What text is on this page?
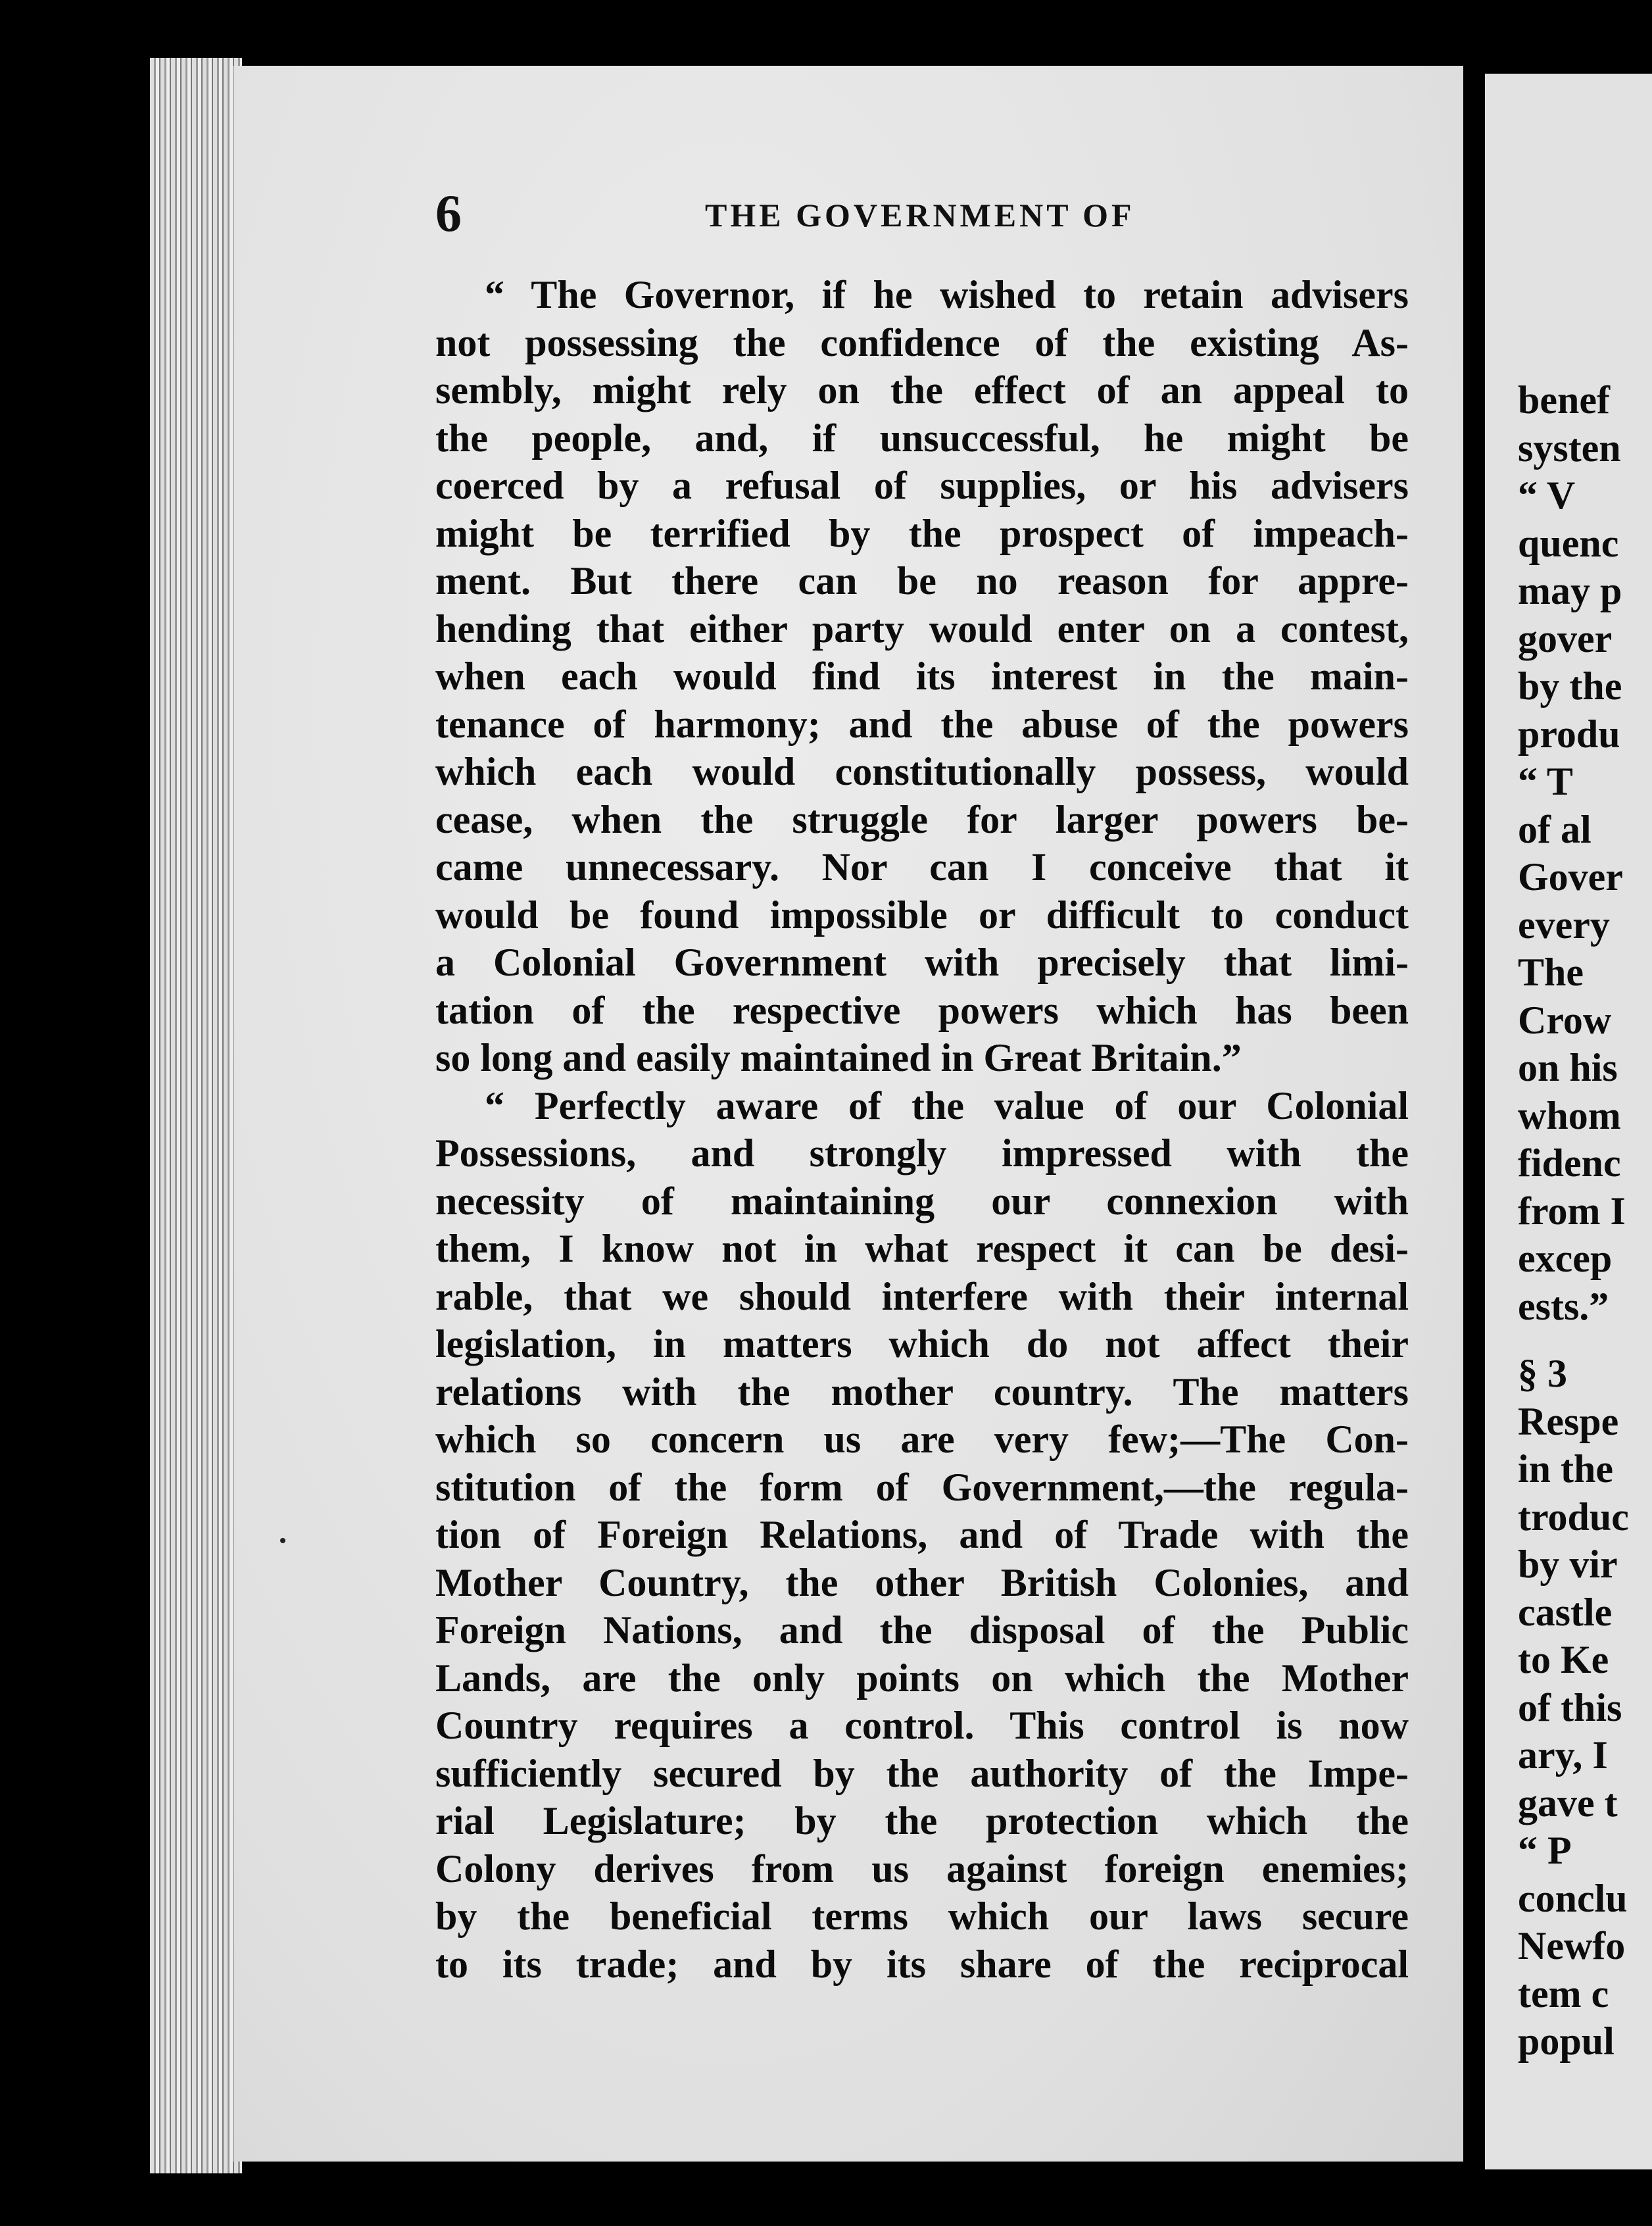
benef
systen
“ V
quenc
may p
gover
by the
produ
“ T
of al
Gover
every
The
Crow
on his
whom
fidenc
from I
excep
ests.”
§ 3
Respe
in the
troduc
by vir
castle
to Ke
of this
ary, I
gave t
“ P
conclu
Newfo
tem c
popul
6	THE GOVERNMENT OF
“ The Governor, if he wished to retain advisers
not possessing the confidence of the existing As-
sembly, might rely on the effect of an appeal to
the people, and, if unsuccessful, he might be
coerced by a refusal of supplies, or his advisers
might be terrified by the prospect of impeach-
ment. But there can be no reason for appre-
hending that either party would enter on a contest,
when each would find its interest in the main-
tenance of harmony; and the abuse of the powers
which each would constitutionally possess, would
cease, when the struggle for larger powers be-
came unnecessary. Nor can I conceive that it
would be found impossible or difficult to conduct
a Colonial Government with precisely that limi-
tation of the respective powers which has been
so long and easily maintained in Great Britain.”
“ Perfectly aware of the value of our Colonial
Possessions, and strongly impressed with the
necessity of maintaining our connexion with
them, I know not in what respect it can be desi-
rable, that we should interfere with their internal
legislation, in matters which do not affect their
relations with the mother country. The matters
which so concern us are very few;—The Con-
stitution of the form of Government,—the regula-
tion of Foreign Relations, and of Trade with the
Mother Country, the other British Colonies, and
Foreign Nations, and the disposal of the Public
Lands, are the only points on which the Mother
Country requires a control. This control is now
sufficiently secured by the authority of the Impe-
rial Legislature; by the protection which the
Colony derives from us against foreign enemies;
by the beneficial terms which our laws secure
to its trade; and by its share of the reciprocal
